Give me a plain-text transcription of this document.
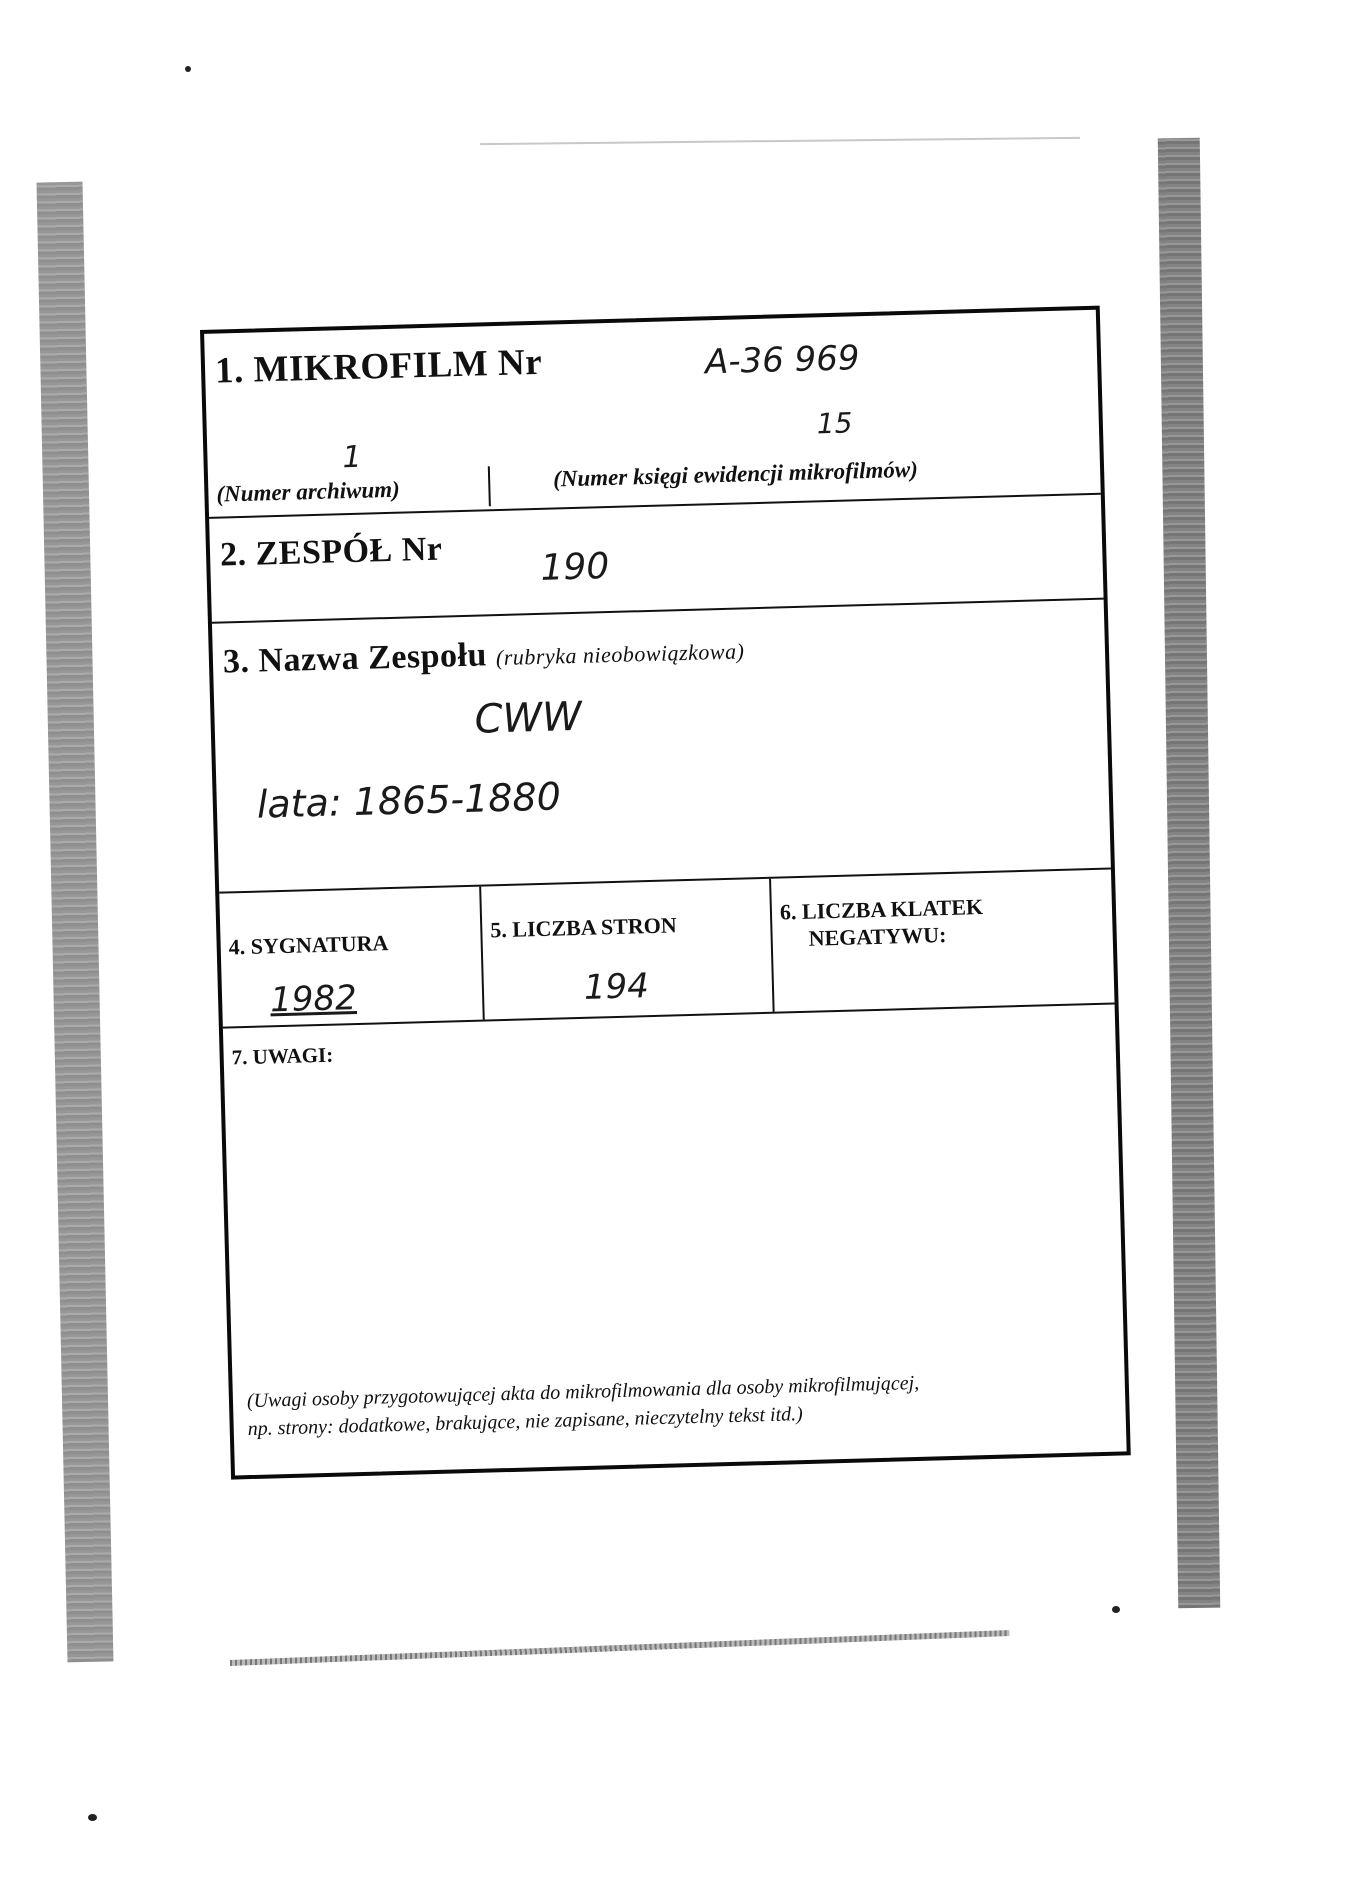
1. MIKROFILM Nr	A-36 969
1
15
(Numer archiwum)
(Numer księgi ewidencji mikrofilmów)
2. ZESPÓŁ Nr	190
3. Nazwa Zespołu (rubryka nieobowiązkowa)
CWW
lata: 1865-1880
4. SYGNATURA
1982
5. LICZBA STRON
194
6. LICZBA KLATEK
NEGATYWU:
7. UWAGI:
(Uwagi osoby przygotowującej akta do mikrofilmowania dla osoby mikrofilmującej,
np. strony: dodatkowe, brakujące, nie zapisane, nieczytelny tekst itd.)
